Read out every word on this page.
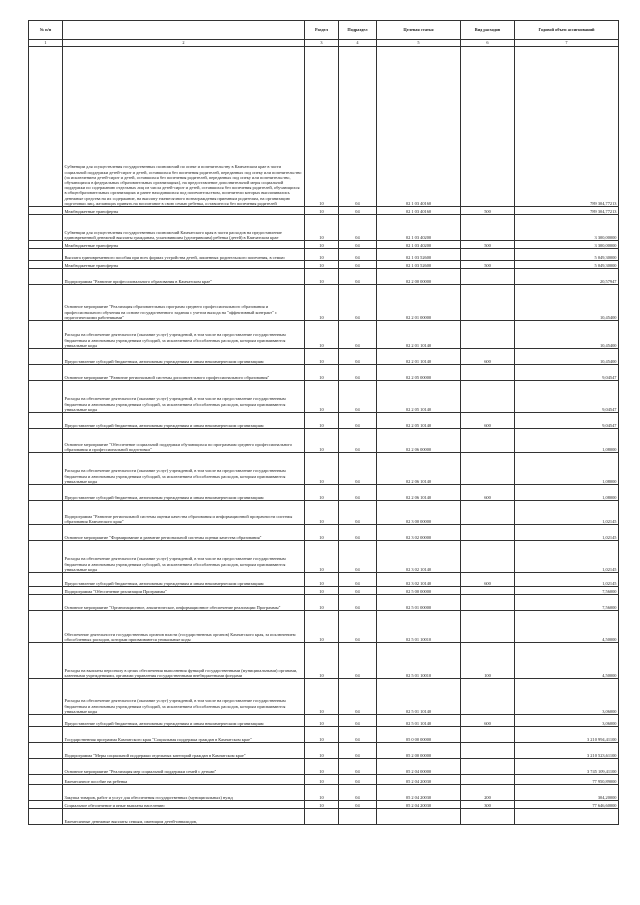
№ п/п		Раздел	Подраздел	Целевая статья	Вид расходов	Годовой объем ассигнований
1	2	3	4	5	6	7
	Субвенции для осуществления государственных полномочий по опеке и попечительству в Камчатском крае в части социальной поддержки детей-сирот и детей, оставшихся без попечения родителей, переданных под опеку или попечительство (за исключением детей-сирот и детей, оставшихся без попечения родителей, переданных под опеку или попечительство, обучающихся в федеральных образовательных организациях), на предоставление дополнительной меры социальной поддержки по содержанию отдельных лиц из числа детей-сирот и детей, оставшихся без попечения родителей, обучающихся в общеобразовательных организациях и ранее находившихся под попечительством, попечители которых выплачивались денежные средства на их содержание, на выплату ежемесячного вознаграждения приемным родителям, на организацию подготовки лиц, желающих принять на воспитание в свою семью ребенка, оставшегося без попечения родителей	10	04	02 1 03 40160		789 304,77213
	Межбюджетные трансферты	10	04	02 1 03 40160	500	789 304,77213
	Субвенции для осуществления государственных полномочий Камчатского края в части расходов на предоставление единовременной денежной выплаты гражданам, усыновившим (удочерившим) ребенка (детей) в Камчатском крае	10	04	02 1 03 40200		3 300,00000
	Межбюджетные трансферты	10	04	02 1 03 40200	500	3 300,00000
	Выплата единовременного пособия при всех формах устройства детей, лишенных родительского попечения, в семью	10	04	02 1 03 52600		5 049,30000
	Межбюджетные трансферты	10	04	02 1 03 52600	500	5 049,30000
	Подпрограмма "Развитие профессионального образования в Камчатском крае"	10	04	02 2 00 00000		20,57947
	Основное мероприятие "Реализация образовательных программ среднего профессионального образования и профессионального обучения на основе государственного задания с учетом выхода на "эффективный контракт" с педагогическими работниками"	10	04	02 2 01 00000		10,45400
	Расходы на обеспечение деятельности (оказание услуг) учреждений, в том числе на предоставление государственным бюджетным и автономным учреждениям субсидий, за исключением обособленных расходов, которым присваиваются уникальные коды	10	04	02 2 01 10140		10,45400
	Предоставление субсидий бюджетным, автономным учреждениям и иным некоммерческим организациям	10	04	02 2 01 10140	600	10,45400
	Основное мероприятие "Развитие региональной системы дополнительного профессионального образования"	10	04	02 2 05 00000		9,04547
	Расходы на обеспечение деятельности (оказание услуг) учреждений, в том числе на предоставление государственным бюджетным и автономным учреждениям субсидий, за исключением обособленных расходов, которым присваиваются уникальные коды	10	04	02 2 05 10140		9,04547
	Предоставление субсидий бюджетным, автономным учреждениям и иным некоммерческим организациям	10	04	02 2 05 10140	600	9,04547
	Основное мероприятие "Обеспечение социальной поддержки обучающихся по программам среднего профессионального образования и профессиональной подготовки"	10	04	02 2 06 00000		1,08000
	Расходы на обеспечение деятельности (оказание услуг) учреждений, в том числе на предоставление государственным бюджетным и автономным учреждениям субсидий, за исключением обособленных расходов, которым присваиваются уникальные коды	10	04	02 2 06 10140		1,08000
	Предоставление субсидий бюджетным, автономным учреждениям и иным некоммерческим организациям	10	04	02 2 06 10140	600	1,08000
	Подпрограмма "Развитие региональной системы оценки качества образования и информационной прозрачности системы образования Камчатского края"	10	04	02 3 00 00000		1,02145
	Основное мероприятие "Формирование и развитие региональной системы оценки качества образования"	10	04	02 3 02 00000		1,02145
	Расходы на обеспечение деятельности (оказание услуг) учреждений, в том числе на предоставление государственным бюджетным и автономным учреждениям субсидий, за исключением обособленных расходов, которым присваиваются уникальные коды	10	04	02 3 02 10140		1,02145
	Предоставление субсидий бюджетным, автономным учреждениям и иным некоммерческим организациям	10	04	02 3 02 10140	600	1,02145
	Подпрограмма "Обеспечение реализации Программы"	10	04	02 5 00 00000		7,56000
	Основное мероприятие "Организационное, аналитическое, информационное обеспечение реализации Программы"	10	04	02 5 01 00000		7,56000
	Обеспечение деятельности государственных органов власти (государственных органов) Камчатского края, за исключением обособленных расходов, которым присваиваются уникальные коды	10	04	02 5 01 10010		4,50000
	Расходы на выплаты персоналу в целях обеспечения выполнения функций государственными (муниципальными) органами, казенными учреждениями, органами управления государственными внебюджетными фондами	10	04	02 5 01 10010	100	4,50000
	Расходы на обеспечение деятельности (оказание услуг) учреждений, в том числе на предоставление государственным бюджетным и автономным учреждениям субсидий, за исключением обособленных расходов, которым присваиваются уникальные коды	10	04	02 5 01 10140		3,06000
	Предоставление субсидий бюджетным, автономным учреждениям и иным некоммерческим организациям	10	04	02 5 01 10140	600	3,06000
	Государственная программа Камчатского края "Социальная поддержка граждан в Камчатском крае"	10	04	05 0 00 00000		3 210 994,41100
	Подпрограмма "Меры социальной поддержки отдельных категорий граждан в Камчатском крае"	10	04	05 2 00 00000		3 210 523,61100
	Основное мероприятие "Реализация мер социальной поддержки семей с детьми"	10	04	05 2 04 00000		3 745 109,41100
	Ежемесячное пособие на ребенка	10	04	05 2 04 20030		77 950,89000
	Закупка товаров, работ и услуг для обеспечения государственных (муниципальных) нужд	10	04	05 2 04 20030	200	304,20000
	Социальное обеспечение и иные выплаты населению	10	04	05 2 04 20030	300	77 646,60000
	Ежемесячные денежные выплаты семьям, имеющим детей-инвалидов,					
